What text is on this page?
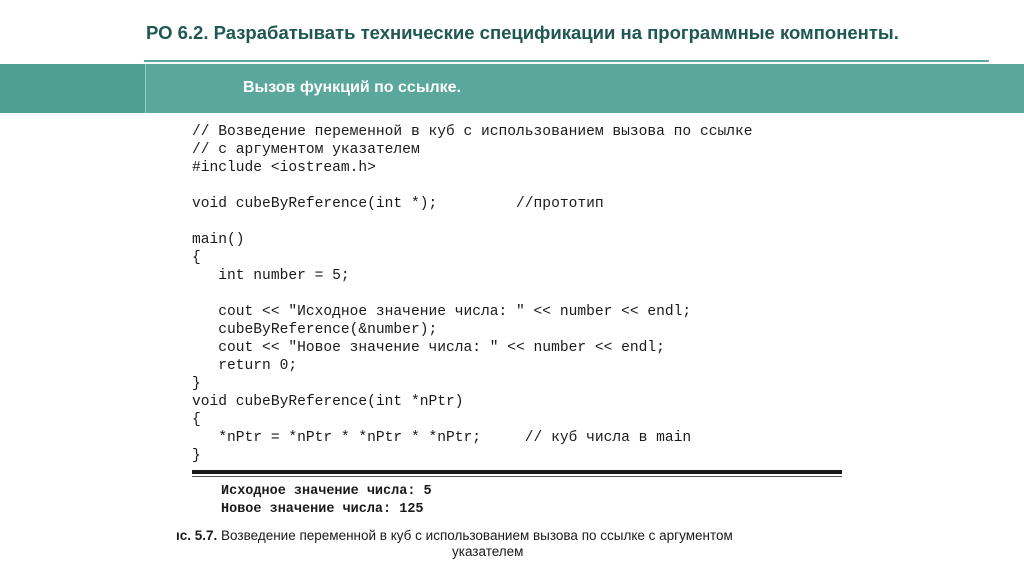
РО 6.2. Разрабатывать технические спецификации на программные компоненты.
Вызов функций по ссылке.
// Возведение переменной в куб с использованием вызова по ссылке
// с аргументом указателем
#include <iostream.h>
void cubeByReference(int *);         //прототип
main()
{
int number = 5;
cout << "Исходное значение числа: " << number << endl;
cubeByReference(&number);
cout << "Новое значение числа: " << number << endl;
return 0;
}
void cubeByReference(int *nPtr)
{
*nPtr = *nPtr * *nPtr * *nPtr;     // куб числа в main
}
Исходное значение числа: 5
Новое значение числа: 125
ıс. 5.7. Возведение переменной в куб с использованием вызова по ссылке с аргументом
указателем
